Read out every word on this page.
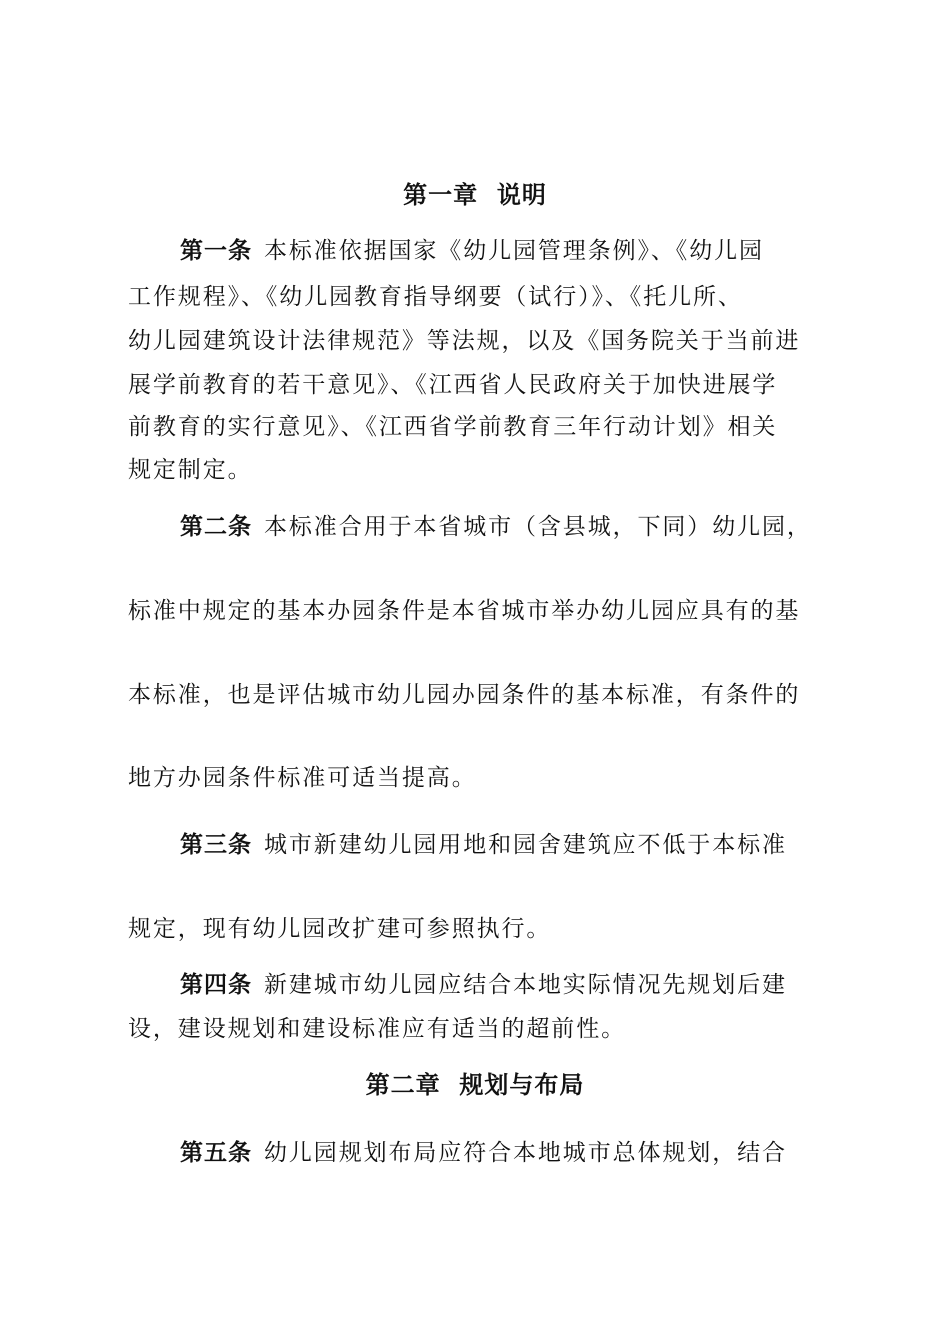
第一章  说明
第一条 本标准依据国家《幼儿园管理条例》、《幼儿园
工作规程》、《幼儿园教育指导纲要（试行）》、《托儿所、
幼儿园建筑设计法律规范》等法规，以及《国务院关于当前进
展学前教育的若干意见》、《江西省人民政府关于加快进展学
前教育的实行意见》、《江西省学前教育三年行动计划》相关
规定制定。
第二条 本标准合用于本省城市（含县城，下同）幼儿园，
标准中规定的基本办园条件是本省城市举办幼儿园应具有的基
本标准，也是评估城市幼儿园办园条件的基本标准，有条件的
地方办园条件标准可适当提高。
第三条 城市新建幼儿园用地和园舍建筑应不低于本标准
规定，现有幼儿园改扩建可参照执行。
第四条 新建城市幼儿园应结合本地实际情况先规划后建
设，建设规划和建设标准应有适当的超前性。
第二章  规划与布局
第五条 幼儿园规划布局应符合本地城市总体规划，结合
